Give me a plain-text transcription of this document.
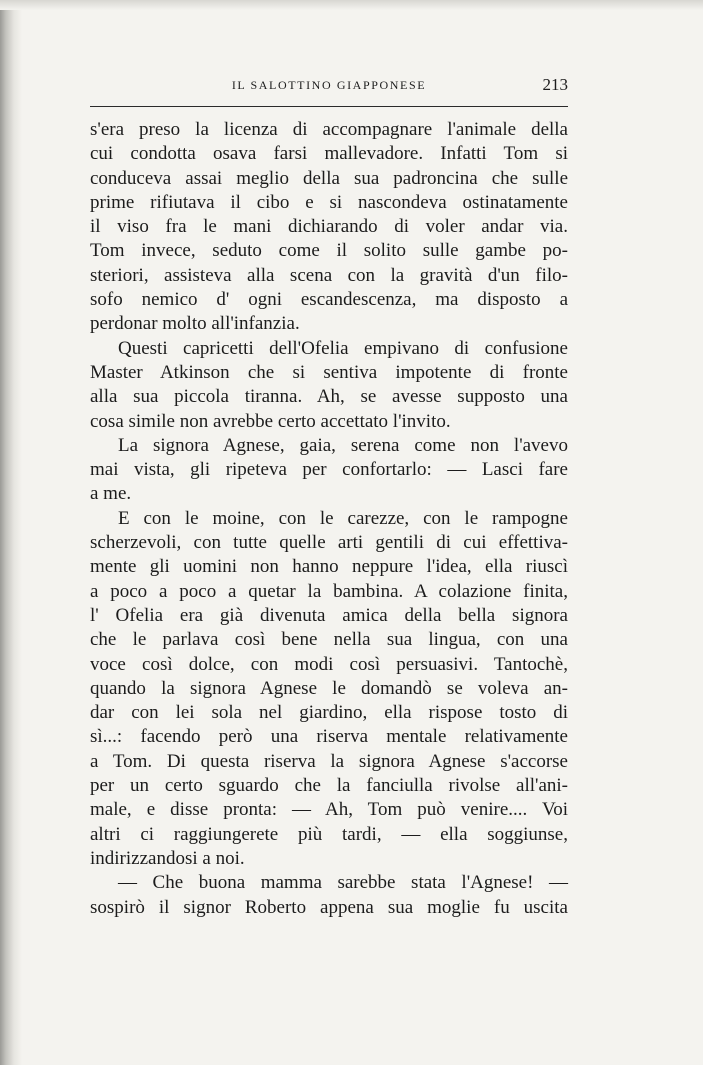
IL SALOTTINO GIAPPONESE	213
s'era preso la licenza di accompagnare l'animale della
cui condotta osava farsi mallevadore. Infatti Tom si
conduceva assai meglio della sua padroncina che sulle
prime rifiutava il cibo e si nascondeva ostinatamente
il viso fra le mani dichiarando di voler andar via.
Tom invece, seduto come il solito sulle gambe po-
steriori, assisteva alla scena con la gravità d'un filo-
sofo nemico d' ogni escandescenza, ma disposto a
perdonar molto all'infanzia.
Questi capricetti dell'Ofelia empivano di confusione
Master Atkinson che si sentiva impotente di fronte
alla sua piccola tiranna. Ah, se avesse supposto una
cosa simile non avrebbe certo accettato l'invito.
La signora Agnese, gaia, serena come non l'avevo
mai vista, gli ripeteva per confortarlo: — Lasci fare
a me.
E con le moine, con le carezze, con le rampogne
scherzevoli, con tutte quelle arti gentili di cui effettiva-
mente gli uomini non hanno neppure l'idea, ella riuscì
a poco a poco a quetar la bambina. A colazione finita,
l' Ofelia era già divenuta amica della bella signora
che le parlava così bene nella sua lingua, con una
voce così dolce, con modi così persuasivi. Tantochè,
quando la signora Agnese le domandò se voleva an-
dar con lei sola nel giardino, ella rispose tosto di
sì...: facendo però una riserva mentale relativamente
a Tom. Di questa riserva la signora Agnese s'accorse
per un certo sguardo che la fanciulla rivolse all'ani-
male, e disse pronta: — Ah, Tom può venire.... Voi
altri ci raggiungerete più tardi, — ella soggiunse,
indirizzandosi a noi.
— Che buona mamma sarebbe stata l'Agnese! —
sospirò il signor Roberto appena sua moglie fu uscita
